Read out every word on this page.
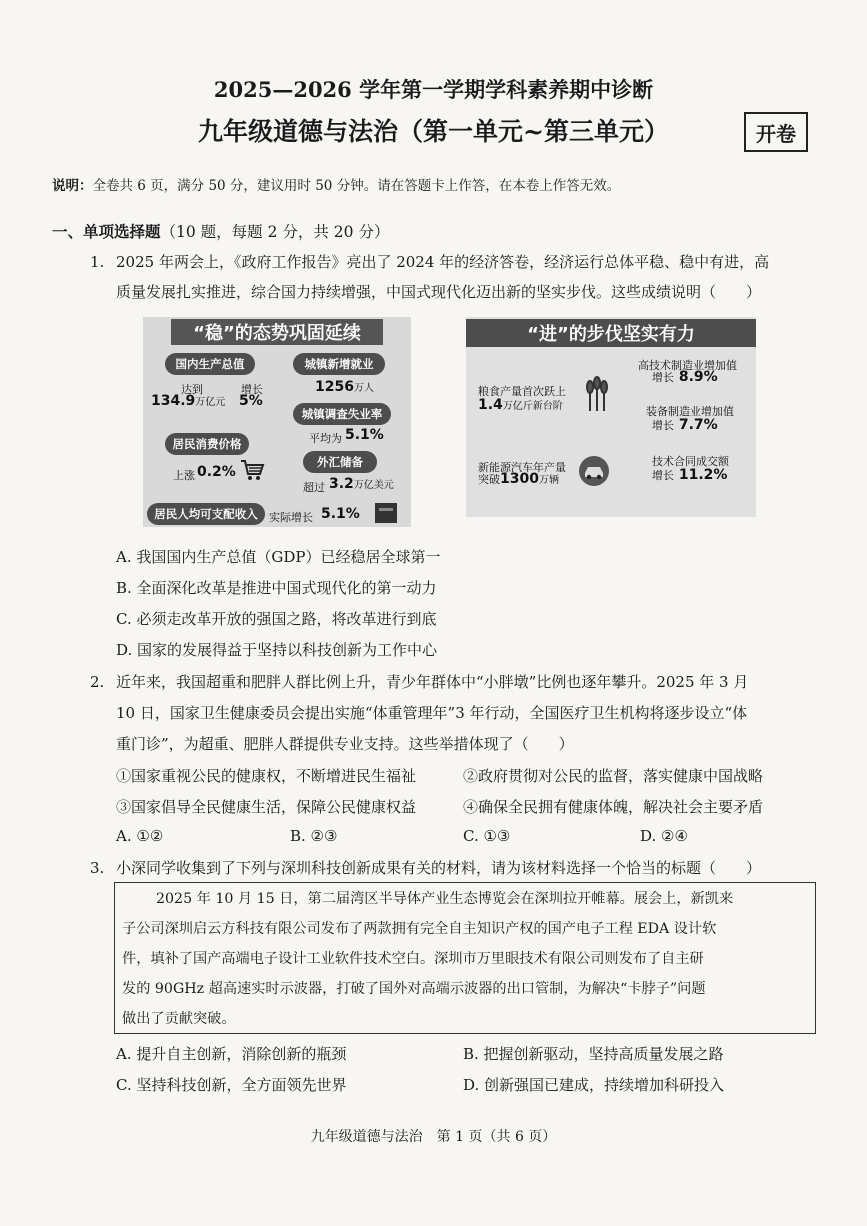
2025—2026 学年第一学期学科素养期中诊断
九年级道德与法治（第一单元~第三单元）	开卷
说明：全卷共 6 页，满分 50 分，建议用时 50 分钟。请在答题卡上作答，在本卷上作答无效。
一、单项选择题（10 题，每题 2 分，共 20 分）
1. 2025 年两会上，《政府工作报告》亮出了 2024 年的经济答卷，经济运行总体平稳、稳中有进，高
质量发展扎实推进，综合国力持续增强，中国式现代化迈出新的坚实步伐。这些成绩说明（　　）
“稳”的态势巩固延续
国内生产总值
达到	增长
134.9万亿元 5%
居民消费价格
上涨 0.2%
城镇新增就业
1256万人
城镇调查失业率
平均为 5.1%
外汇储备
超过 3.2万亿美元
居民人均可支配收入	实际增长 5.1%
“进”的步伐坚实有力
粮食产量首次跃上
1.4万亿斤新台阶
新能源汽车年产量
突破1300万辆
高技术制造业增加值
增长 8.9%
装备制造业增加值
增长 7.7%
技术合同成交额
增长 11.2%
A. 我国国内生产总值（GDP）已经稳居全球第一
B. 全面深化改革是推进中国式现代化的第一动力
C. 必须走改革开放的强国之路，将改革进行到底
D. 国家的发展得益于坚持以科技创新为工作中心
2. 近年来，我国超重和肥胖人群比例上升，青少年群体中“小胖墩”比例也逐年攀升。2025 年 3 月
10 日，国家卫生健康委员会提出实施“体重管理年”3 年行动，全国医疗卫生机构将逐步设立“体
重门诊”，为超重、肥胖人群提供专业支持。这些举措体现了（　　）
①国家重视公民的健康权，不断增进民生福祉	②政府贯彻对公民的监督，落实健康中国战略
③国家倡导全民健康生活，保障公民健康权益	④确保全民拥有健康体魄，解决社会主要矛盾
A. ①②	B. ②③	C. ①③	D. ②④
3. 小深同学收集到了下列与深圳科技创新成果有关的材料，请为该材料选择一个恰当的标题（　　）
2025 年 10 月 15 日，第二届湾区半导体产业生态博览会在深圳拉开帷幕。展会上，新凯来
子公司深圳启云方科技有限公司发布了两款拥有完全自主知识产权的国产电子工程 EDA 设计软
件，填补了国产高端电子设计工业软件技术空白。深圳市万里眼技术有限公司则发布了自主研
发的 90GHz 超高速实时示波器，打破了国外对高端示波器的出口管制，为解决“卡脖子”问题
做出了贡献突破。
A. 提升自主创新，消除创新的瓶颈	B. 把握创新驱动，坚持高质量发展之路
C. 坚持科技创新，全方面领先世界	D. 创新强国已建成，持续增加科研投入
九年级道德与法治　第 1 页（共 6 页）
